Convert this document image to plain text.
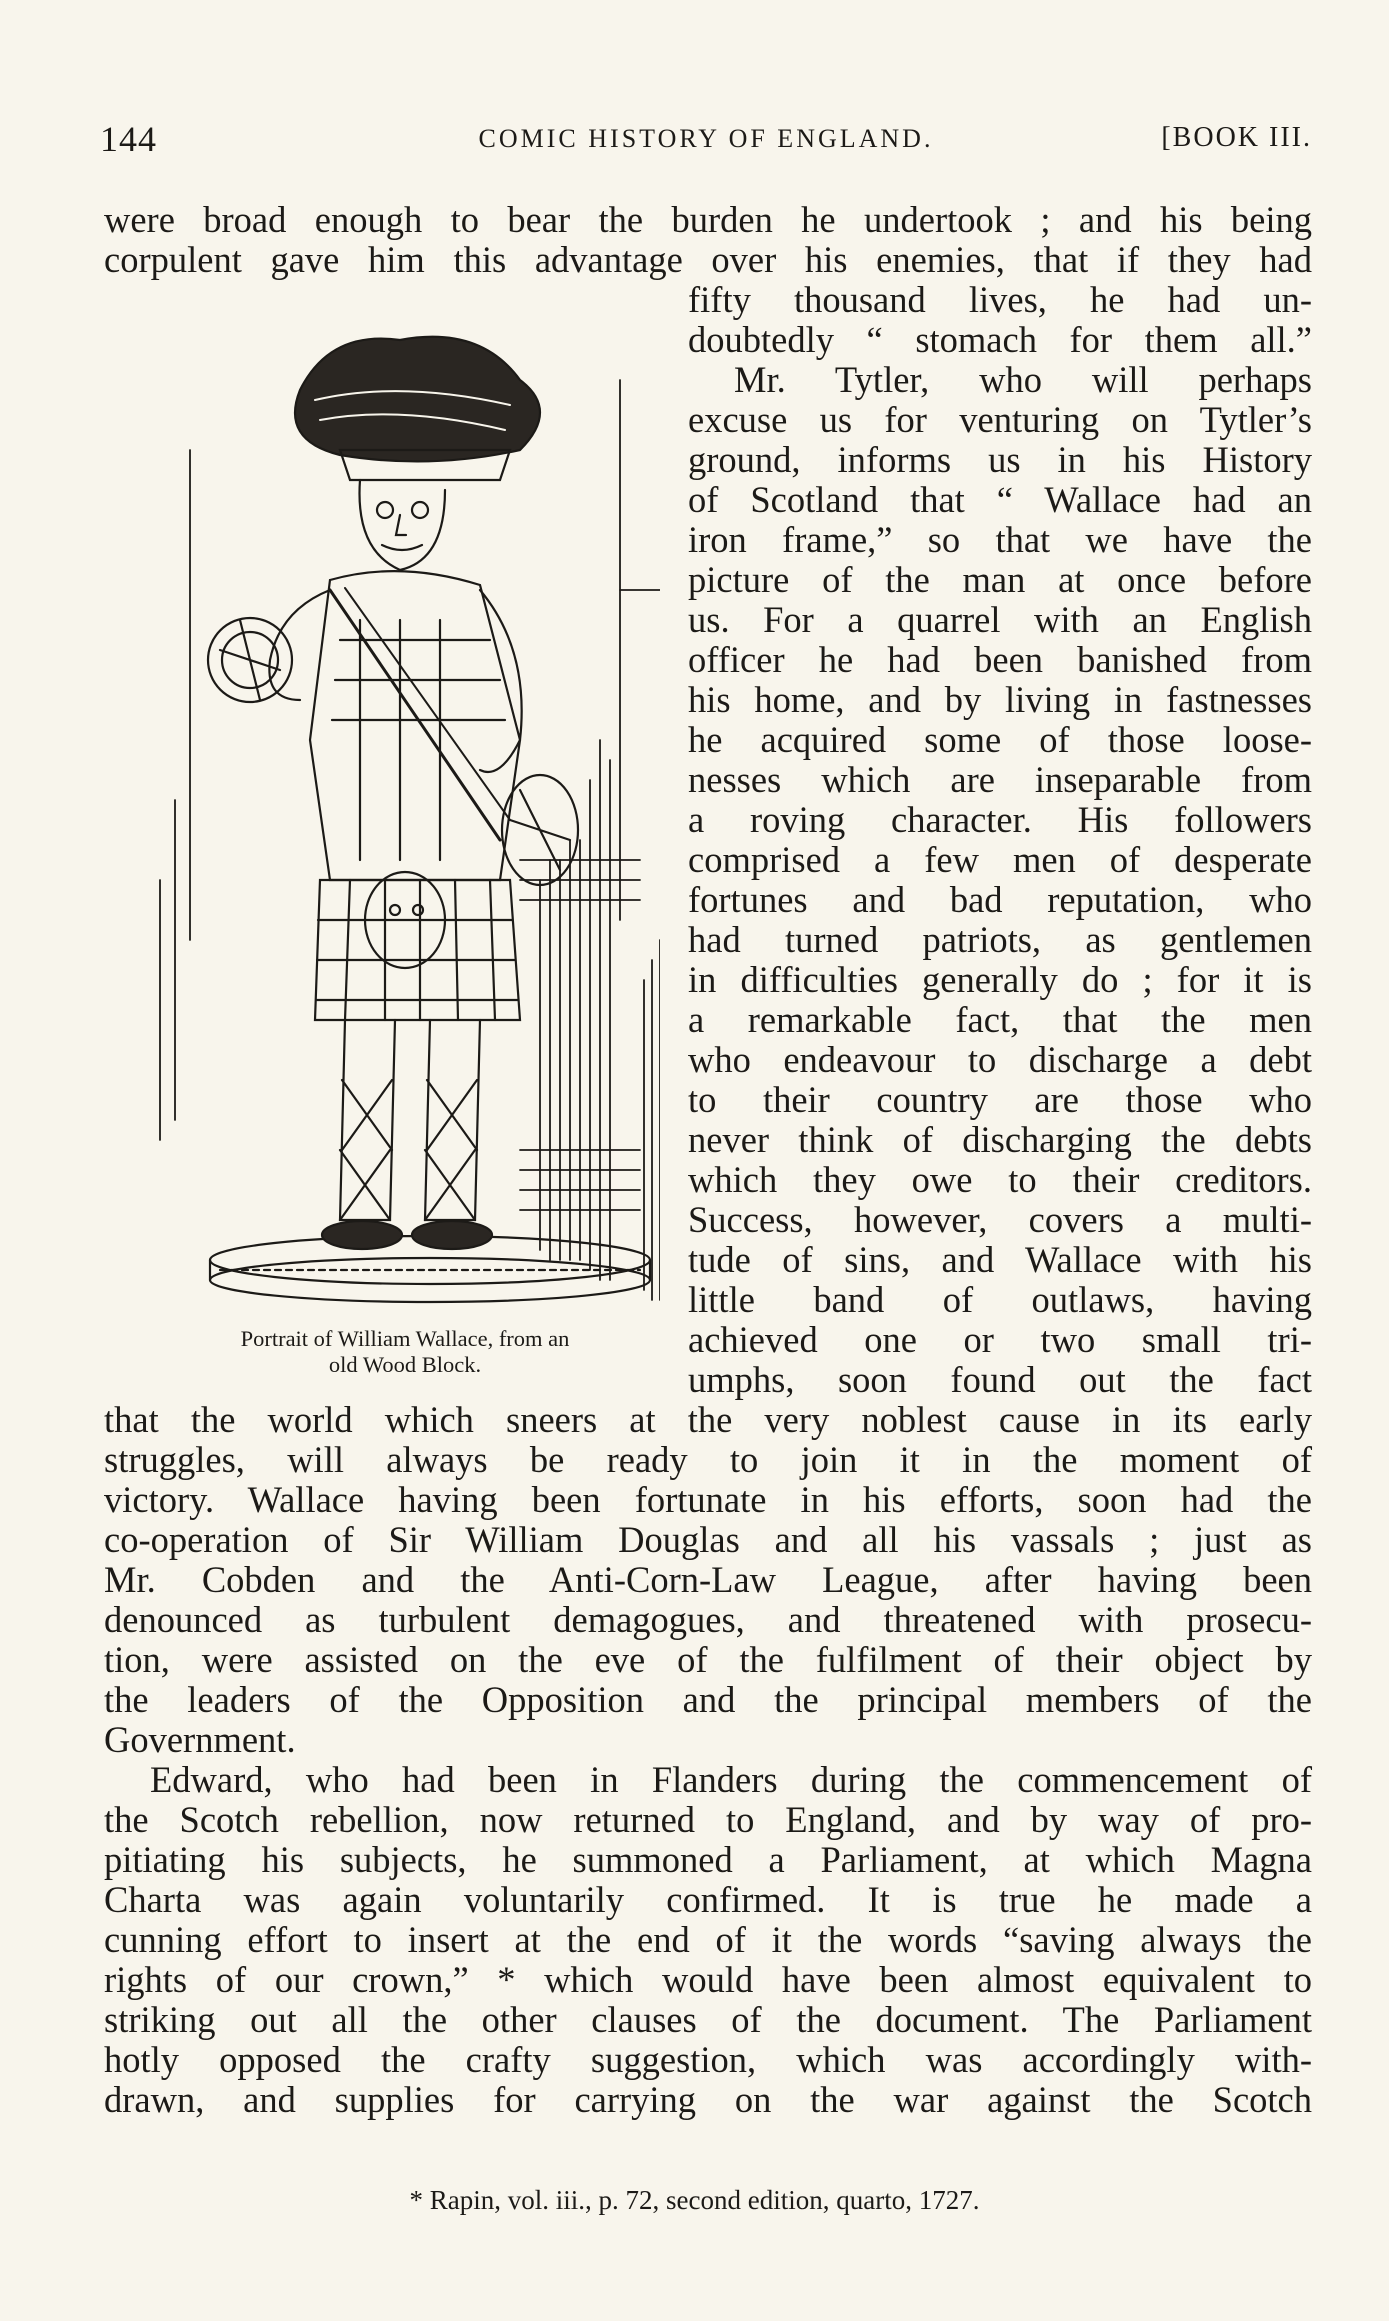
144	COMIC HISTORY OF ENGLAND.	[BOOK III.
were broad enough to bear the burden he undertook ; and his being
corpulent gave him this advantage over his enemies, that if they had
fifty thousand lives, he had un-
doubtedly “ stomach for them all.”
Mr. Tytler, who will perhaps
excuse us for venturing on Tytler’s
ground, informs us in his History
of Scotland that “ Wallace had an
iron frame,” so that we have the
picture of the man at once before
us. For a quarrel with an English
officer he had been banished from
his home, and by living in fastnesses
he acquired some of those loose-
nesses which are inseparable from
a roving character. His followers
comprised a few men of desperate
fortunes and bad reputation, who
had turned patriots, as gentlemen
in difficulties generally do ; for it is
a remarkable fact, that the men
who endeavour to discharge a debt
to their country are those who
never think of discharging the debts
which they owe to their creditors.
Success, however, covers a multi-
tude of sins, and Wallace with his
little band of outlaws, having
achieved one or two small tri-
umphs, soon found out the fact
Portrait of William Wallace, from an
old Wood Block.
that the world which sneers at the very noblest cause in its early
struggles, will always be ready to join it in the moment of
victory. Wallace having been fortunate in his efforts, soon had the
co-operation of Sir William Douglas and all his vassals ; just as
Mr. Cobden and the Anti-Corn-Law League, after having been
denounced as turbulent demagogues, and threatened with prosecu-
tion, were assisted on the eve of the fulfilment of their object by
the leaders of the Opposition and the principal members of the
Government.
Edward, who had been in Flanders during the commencement of
the Scotch rebellion, now returned to England, and by way of pro-
pitiating his subjects, he summoned a Parliament, at which Magna
Charta was again voluntarily confirmed. It is true he made a
cunning effort to insert at the end of it the words “saving always the
rights of our crown,” * which would have been almost equivalent to
striking out all the other clauses of the document. The Parliament
hotly opposed the crafty suggestion, which was accordingly with-
drawn, and supplies for carrying on the war against the Scotch
* Rapin, vol. iii., p. 72, second edition, quarto, 1727.
